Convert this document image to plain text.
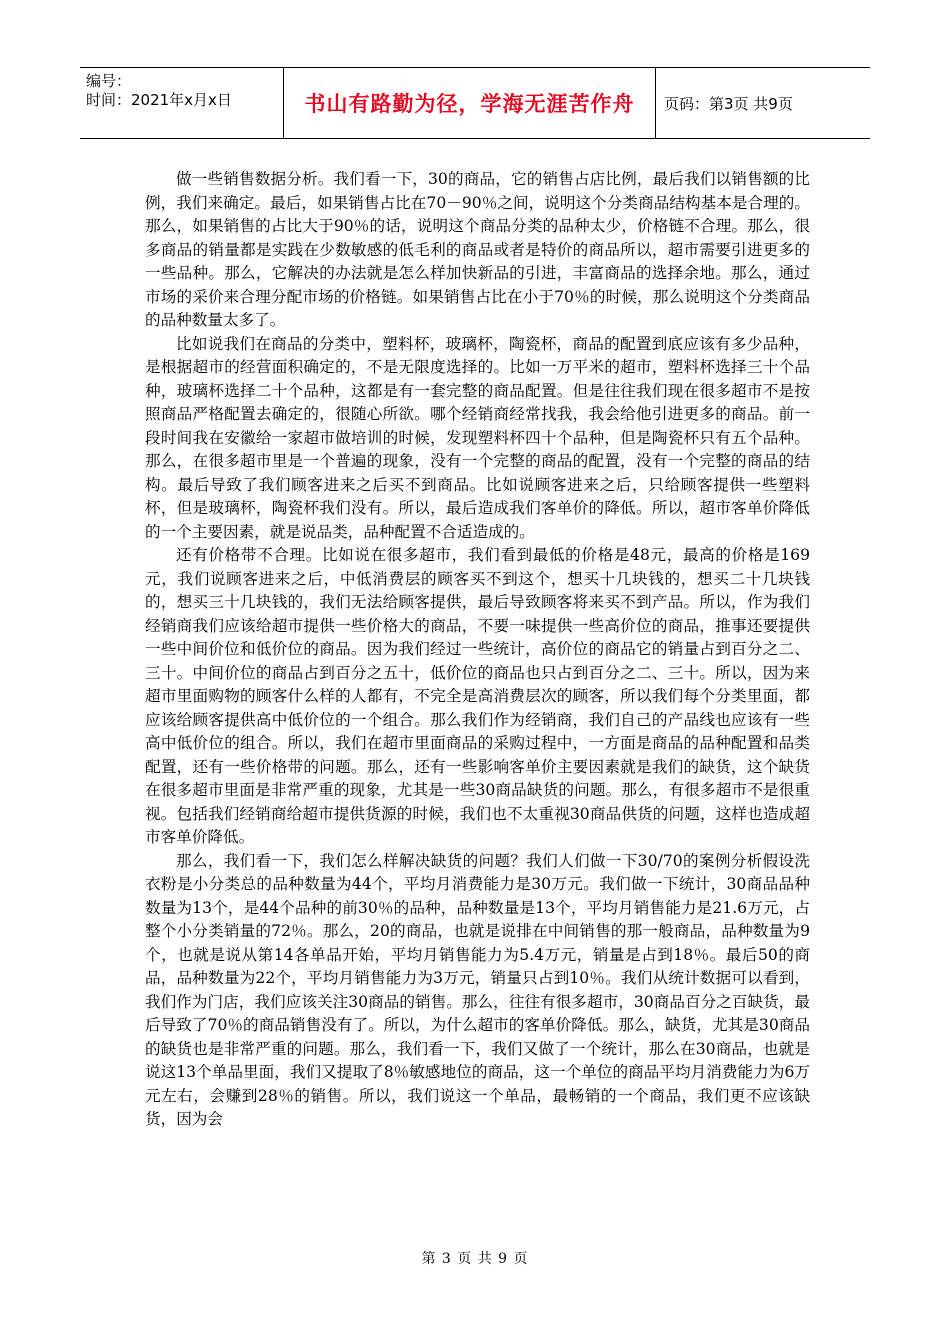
编号：
时间：2021年x月x日	书山有路勤为径，学海无涯苦作舟	页码：第3页 共9页

做一些销售数据分析。我们看一下，30的商品，它的销售占店比例，最后我们以销售额的比例，我们来确定。最后，如果销售占比在70－90％之间，说明这个分类商品结构基本是合理的。那么，如果销售的占比大于90％的话，说明这个商品分类的品种太少，价格链不合理。那么，很多商品的销量都是实践在少数敏感的低毛利的商品或者是特价的商品所以，超市需要引进更多的一些品种。那么，它解决的办法就是怎么样加快新品的引进，丰富商品的选择余地。那么，通过市场的采价来合理分配市场的价格链。如果销售占比在小于70％的时候，那么说明这个分类商品的品种数量太多了。

比如说我们在商品的分类中，塑料杯，玻璃杯，陶瓷杯，商品的配置到底应该有多少品种，是根据超市的经营面积确定的，不是无限度选择的。比如一万平米的超市，塑料杯选择三十个品种，玻璃杯选择二十个品种，这都是有一套完整的商品配置。但是往往我们现在很多超市不是按照商品严格配置去确定的，很随心所欲。哪个经销商经常找我，我会给他引进更多的商品。前一段时间我在安徽给一家超市做培训的时候，发现塑料杯四十个品种，但是陶瓷杯只有五个品种。那么，在很多超市里是一个普遍的现象，没有一个完整的商品的配置，没有一个完整的商品的结构。最后导致了我们顾客进来之后买不到商品。比如说顾客进来之后，只给顾客提供一些塑料杯，但是玻璃杯，陶瓷杯我们没有。所以，最后造成我们客单价的降低。所以，超市客单价降低的一个主要因素，就是说品类，品种配置不合适造成的。

还有价格带不合理。比如说在很多超市，我们看到最低的价格是48元，最高的价格是169元，我们说顾客进来之后，中低消费层的顾客买不到这个，想买十几块钱的，想买二十几块钱的，想买三十几块钱的，我们无法给顾客提供，最后导致顾客将来买不到产品。所以，作为我们经销商我们应该给超市提供一些价格大的商品，不要一味提供一些高价位的商品，推事还要提供一些中间价位和低价位的商品。因为我们经过一些统计，高价位的商品它的销量占到百分之二、三十。中间价位的商品占到百分之五十，低价位的商品也只占到百分之二、三十。所以，因为来超市里面购物的顾客什么样的人都有，不完全是高消费层次的顾客，所以我们每个分类里面，都应该给顾客提供高中低价位的一个组合。那么我们作为经销商，我们自己的产品线也应该有一些高中低价位的组合。所以，我们在超市里面商品的采购过程中，一方面是商品的品种配置和品类配置，还有一些价格带的问题。那么，还有一些影响客单价主要因素就是我们的缺货，这个缺货在很多超市里面是非常严重的现象，尤其是一些30商品缺货的问题。那么，有很多超市不是很重视。包括我们经销商给超市提供货源的时候，我们也不太重视30商品供货的问题，这样也造成超市客单价降低。

那么，我们看一下，我们怎么样解决缺货的问题？我们人们做一下30/70的案例分析假设洗衣粉是小分类总的品种数量为44个，平均月消费能力是30万元。我们做一下统计，30商品品种数量为13个，是44个品种的前30％的品种，品种数量是13个，平均月销售能力是21.6万元，占整个小分类销量的72％。那么，20的商品，也就是说排在中间销售的那一般商品，品种数量为9个，也就是说从第14各单品开始，平均月销售能力为5.4万元，销量是占到18％。最后50的商品，品种数量为22个，平均月销售能力为3万元，销量只占到10％。我们从统计数据可以看到，我们作为门店，我们应该关注30商品的销售。那么，往往有很多超市，30商品百分之百缺货，最后导致了70％的商品销售没有了。所以，为什么超市的客单价降低。那么，缺货，尤其是30商品的缺货也是非常严重的问题。那么，我们看一下，我们又做了一个统计，那么在30商品，也就是说这13个单品里面，我们又提取了8％敏感地位的商品，这一个单位的商品平均月消费能力为6万元左右，会赚到28％的销售。所以，我们说这一个单品，最畅销的一个商品，我们更不应该缺货，因为会

第 3 页 共 9 页
